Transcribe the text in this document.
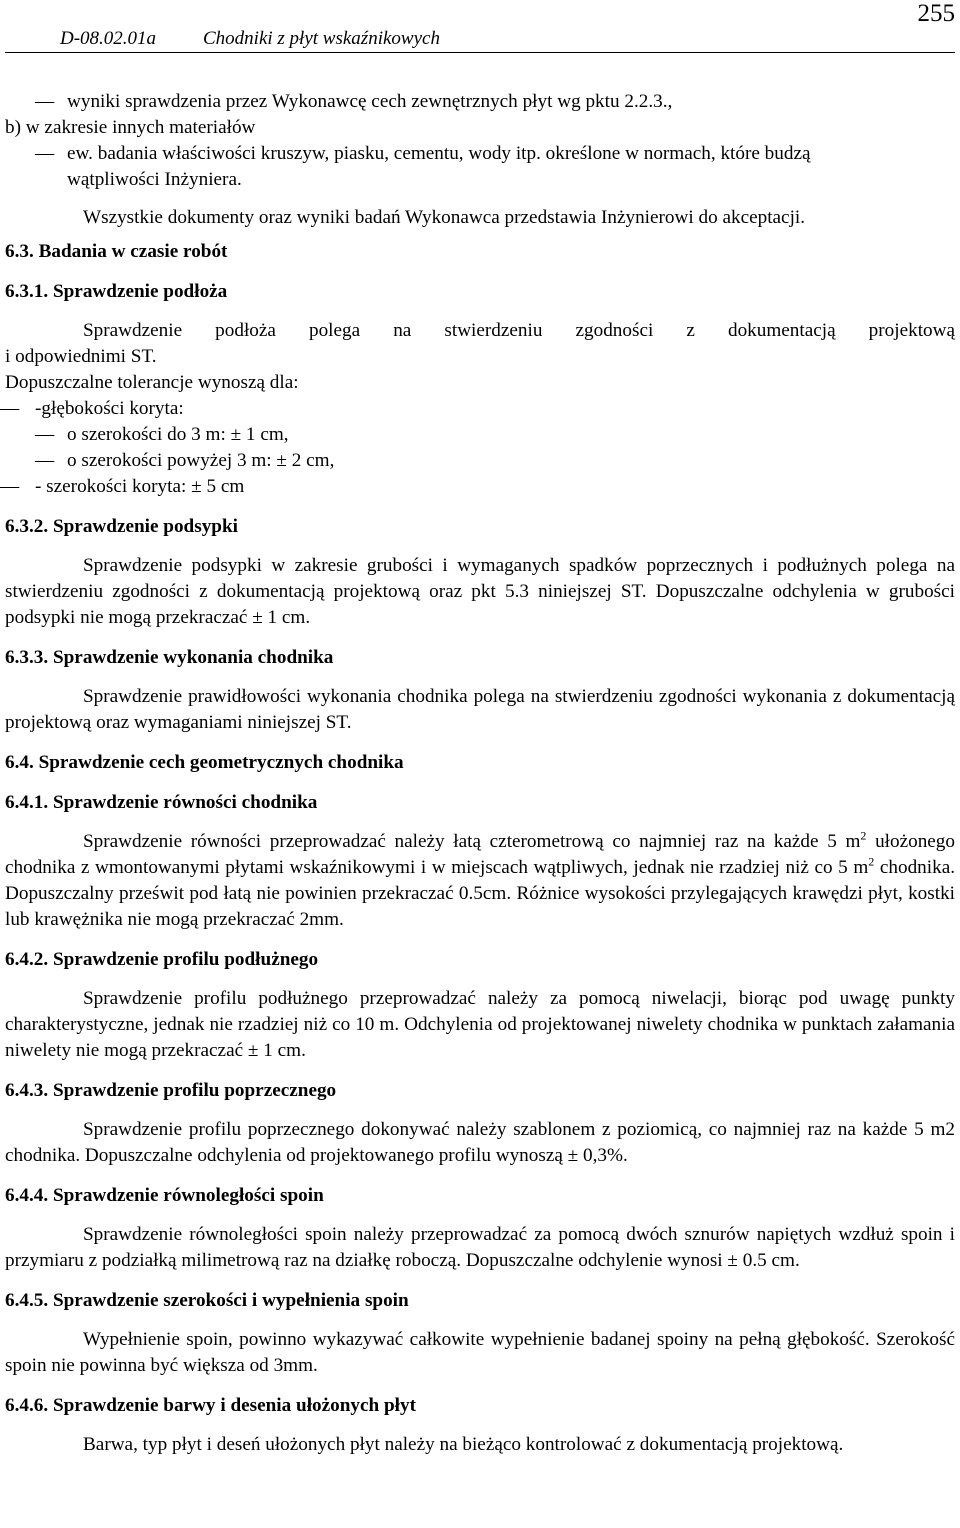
D-08.02.01a Chodniki z płyt wskaźnikowych
255
— wyniki sprawdzenia przez Wykonawcę cech zewnętrznych płyt wg pktu 2.2.3.,
b) w zakresie innych materiałów
— ew. badania właściwości kruszyw, piasku, cementu, wody itp. określone w normach, które budzą
wątpliwości Inżyniera.
Wszystkie dokumenty oraz wyniki badań Wykonawca przedstawia Inżynierowi do akceptacji.
6.3. Badania w czasie robót
6.3.1. Sprawdzenie podłoża
Sprawdzenie podłoża polega na stwierdzeniu zgodności z dokumentacją projektową
i odpowiednimi ST.
Dopuszczalne tolerancje wynoszą dla:
— -głębokości koryta:
— o szerokości do 3 m: ± 1 cm,
— o szerokości powyżej 3 m: ± 2 cm,
— - szerokości koryta: ± 5 cm
6.3.2. Sprawdzenie podsypki
Sprawdzenie podsypki w zakresie grubości i wymaganych spadków poprzecznych i podłużnych polega na stwierdzeniu zgodności z dokumentacją projektową oraz pkt 5.3 niniejszej ST. Dopuszczalne odchylenia w grubości podsypki nie mogą przekraczać ± 1 cm.
6.3.3. Sprawdzenie wykonania chodnika
Sprawdzenie prawidłowości wykonania chodnika polega na stwierdzeniu zgodności wykonania z dokumentacją projektową oraz wymaganiami niniejszej ST.
6.4. Sprawdzenie cech geometrycznych chodnika
6.4.1. Sprawdzenie równości chodnika
Sprawdzenie równości przeprowadzać należy łatą czterometrową co najmniej raz na każde 5 $m^2$ ułożonego chodnika z wmontowanymi płytami wskaźnikowymi i w miejscach wątpliwych, jednak nie rzadziej niż co 5 $m^2$ chodnika. Dopuszczalny prześwit pod łatą nie powinien przekraczać 0.5cm. Różnice wysokości przylegających krawędzi płyt, kostki lub krawężnika nie mogą przekraczać 2mm.
6.4.2. Sprawdzenie profilu podłużnego
Sprawdzenie profilu podłużnego przeprowadzać należy za pomocą niwelacji, biorąc pod uwagę punkty charakterystyczne, jednak nie rzadziej niż co 10 m. Odchylenia od projektowanej niwelety chodnika w punktach załamania niwelety nie mogą przekraczać ± 1 cm.
6.4.3. Sprawdzenie profilu poprzecznego
Sprawdzenie profilu poprzecznego dokonywać należy szablonem z poziomicą, co najmniej raz na każde 5 m2 chodnika. Dopuszczalne odchylenia od projektowanego profilu wynoszą ± 0,3%.
6.4.4. Sprawdzenie równoległości spoin
Sprawdzenie równoległości spoin należy przeprowadzać za pomocą dwóch sznurów napiętych wzdłuż spoin i przymiaru z podziałką milimetrową raz na działkę roboczą. Dopuszczalne odchylenie wynosi ± 0.5 cm.
6.4.5. Sprawdzenie szerokości i wypełnienia spoin
Wypełnienie spoin, powinno wykazywać całkowite wypełnienie badanej spoiny na pełną głębokość. Szerokość spoin nie powinna być większa od 3mm.
6.4.6. Sprawdzenie barwy i desenia ułożonych płyt
Barwa, typ płyt i deseń ułożonych płyt należy na bieżąco kontrolować z dokumentacją projektową.
